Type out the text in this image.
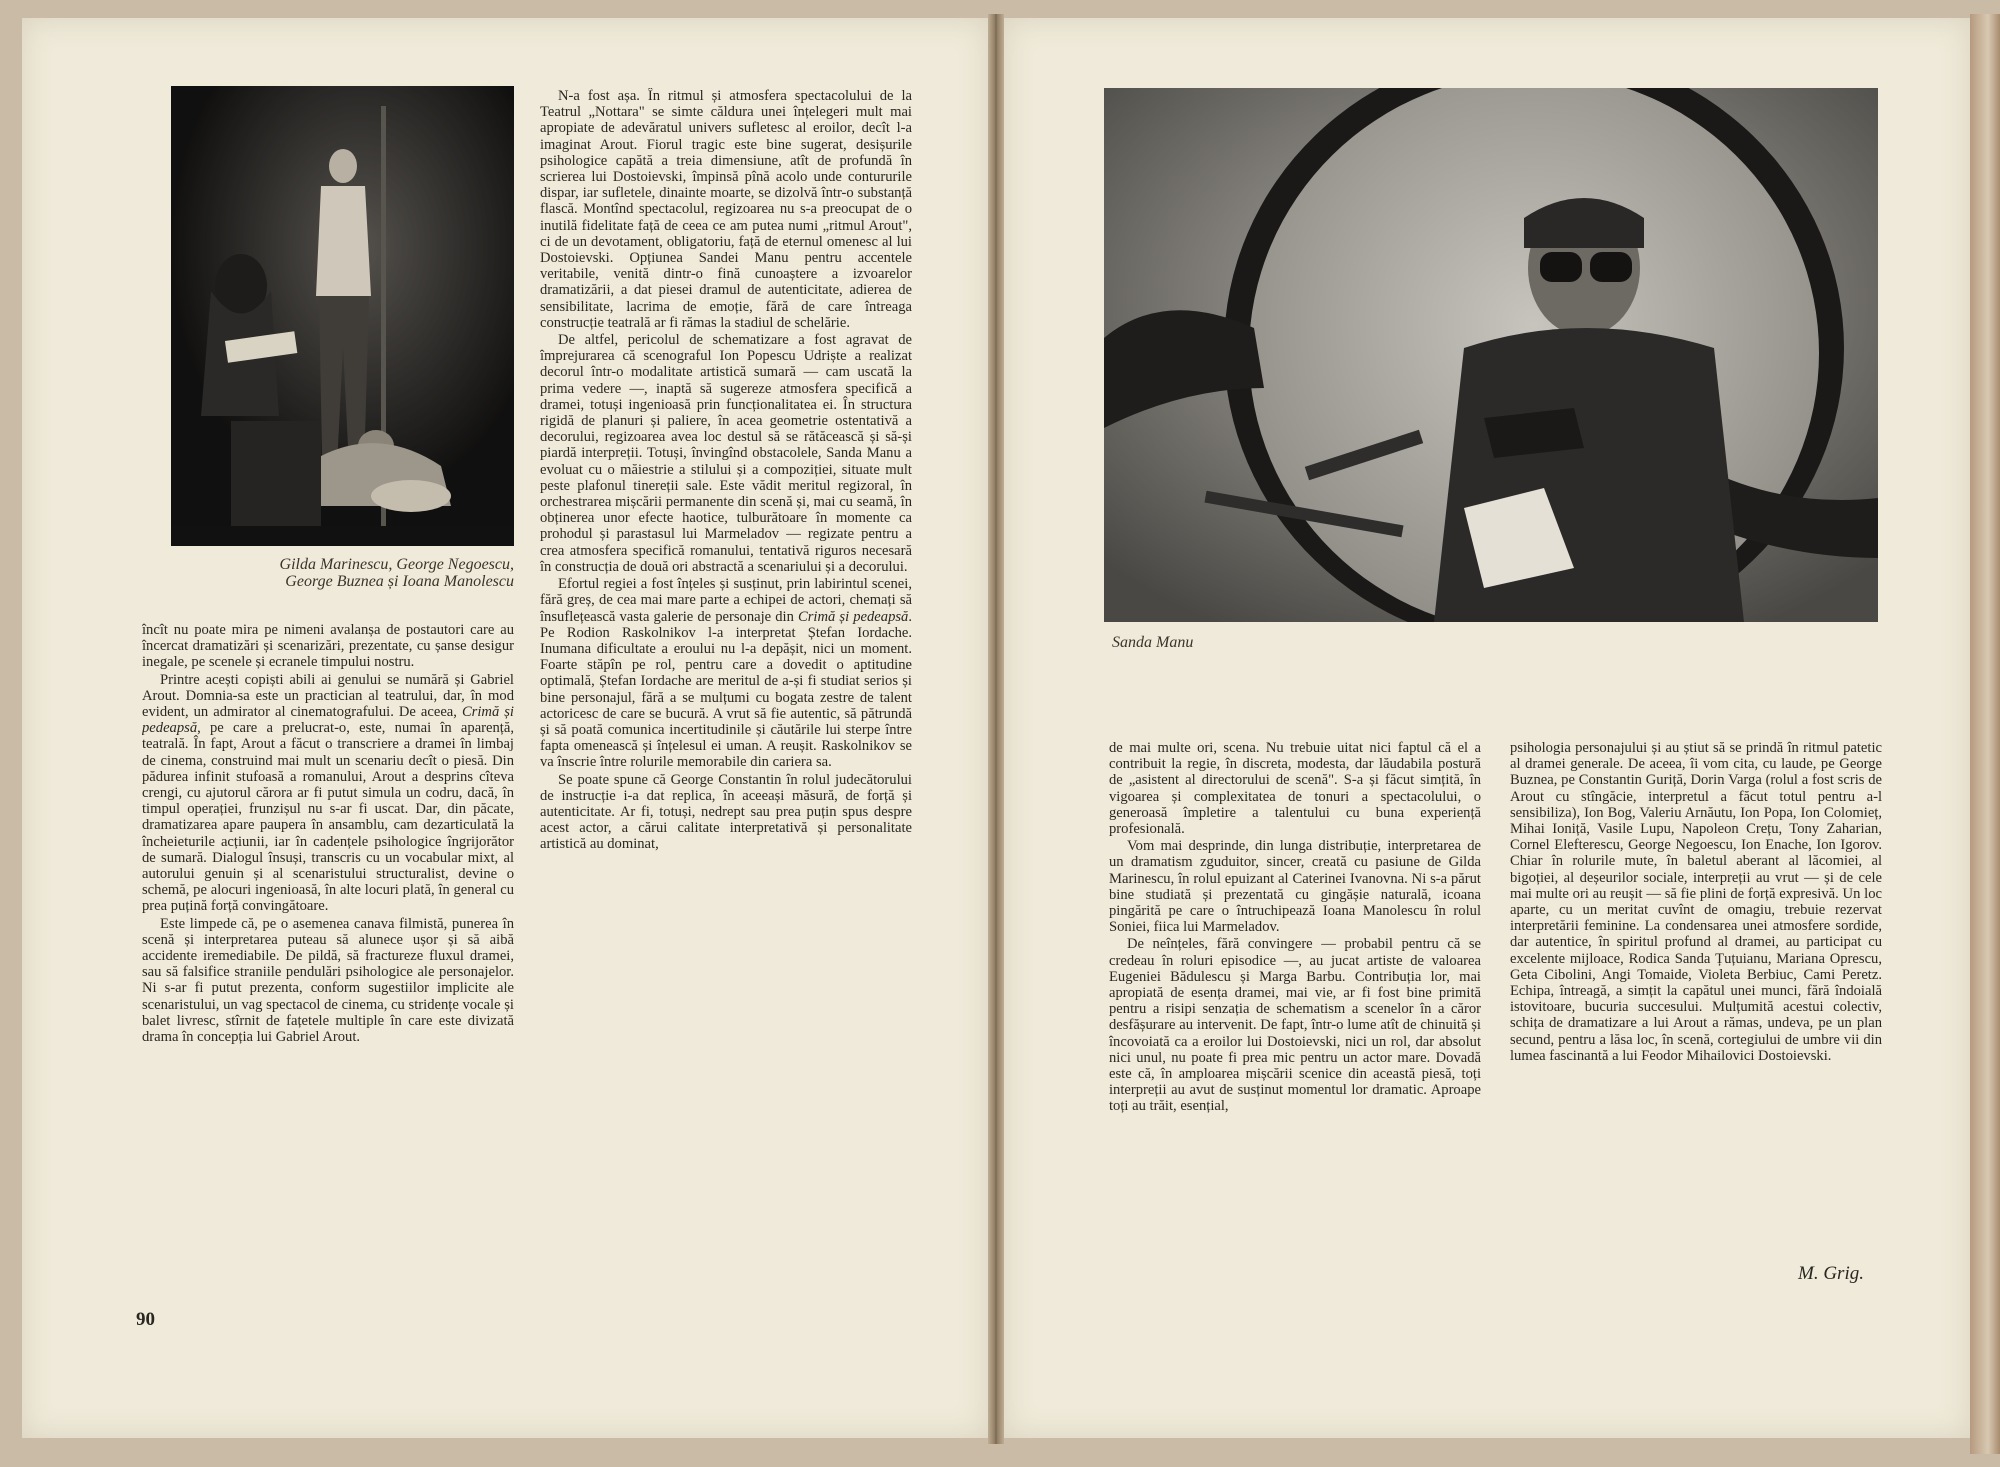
Gilda Marinescu, George Negoescu, George Buznea și Ioana Manolescu

încît nu poate mira pe nimeni avalanșa de postautori care au încercat dramatizări și scenarizări, prezentate, cu șanse desigur inegale, pe scenele și ecranele timpului nostru.

Printre acești copiști abili ai genului se numără și Gabriel Arout. Domnia-sa este un practician al teatrului, dar, în mod evident, un admirator al cinematografului. De aceea, Crimă și pedeapsă, pe care a prelucrat-o, este, numai în aparență, teatrală. În fapt, Arout a făcut o transcriere a dramei în limbaj de cinema, construind mai mult un scenariu decît o piesă. Din pădurea infinit stufoasă a romanului, Arout a desprins cîteva crengi, cu ajutorul cărora ar fi putut simula un codru, dacă, în timpul operației, frunzișul nu s-ar fi uscat. Dar, din păcate, dramatizarea apare paupera în ansamblu, cam dezarticulată la încheieturile acțiunii, iar în cadențele psihologice îngrijorător de sumară. Dialogul însuși, transcris cu un vocabular mixt, al autorului genuin și al scenaristului structuralist, devine o schemă, pe alocuri ingenioasă, în alte locuri plată, în general cu prea puțină forță convingătoare.

Este limpede că, pe o asemenea canava filmistă, punerea în scenă și interpretarea puteau să alunece ușor și să aibă accidente iremediabile. De pildă, să fractureze fluxul dramei, sau să falsifice straniile pendulări psihologice ale personajelor. Ni s-ar fi putut prezenta, conform sugestiilor implicite ale scenaristului, un vag spectacol de cinema, cu stridențe vocale și balet livresc, stîrnit de fațetele multiple în care este divizată drama în concepția lui Gabriel Arout.

N-a fost așa. În ritmul și atmosfera spectacolului de la Teatrul „Nottara" se simte căldura unei înțelegeri mult mai apropiate de adevăratul univers sufletesc al eroilor, decît l-a imaginat Arout. Fiorul tragic este bine sugerat, desișurile psihologice capătă a treia dimensiune, atît de profundă în scrierea lui Dostoievski, împinsă pînă acolo unde contururile dispar, iar sufletele, dinainte moarte, se dizolvă într-o substanță flască. Montînd spectacolul, regizoarea nu s-a preocupat de o inutilă fidelitate față de ceea ce am putea numi „ritmul Arout", ci de un devotament, obligatoriu, față de eternul omenesc al lui Dostoievski. Opțiunea Sandei Manu pentru accentele veritabile, venită dintr-o fină cunoaștere a izvoarelor dramatizării, a dat piesei dramul de autenticitate, adierea de sensibilitate, lacrima de emoție, fără de care întreaga construcție teatrală ar fi rămas la stadiul de schelărie.

De altfel, pericolul de schematizare a fost agravat de împrejurarea că scenograful Ion Popescu Udriște a realizat decorul într-o modalitate artistică sumară — cam uscată la prima vedere —, inaptă să sugereze atmosfera specifică a dramei, totuși ingenioasă prin funcționalitatea ei. În structura rigidă de planuri și paliere, în acea geometrie ostentativă a decorului, regizoarea avea loc destul să se rătăcească și să-și piardă interpreții. Totuși, învingînd obstacolele, Sanda Manu a evoluat cu o măiestrie a stilului și a compoziției, situate mult peste plafonul tinereții sale. Este vădit meritul regizoral, în orchestrarea mișcării permanente din scenă și, mai cu seamă, în obținerea unor efecte haotice, tulburătoare în momente ca prohodul și parastasul lui Marmeladov — regizate pentru a crea atmosfera specifică romanului, tentativă riguros necesară în construcția de două ori abstractă a scenariului și a decorului.

Efortul regiei a fost înțeles și susținut, prin labirintul scenei, fără greș, de cea mai mare parte a echipei de actori, chemați să însuflețească vasta galerie de personaje din Crimă și pedeapsă. Pe Rodion Raskolnikov l-a interpretat Ștefan Iordache. Inumana dificultate a eroului nu l-a depășit, nici un moment. Foarte stăpîn pe rol, pentru care a dovedit o aptitudine optimală, Ștefan Iordache are meritul de a-și fi studiat serios și bine personajul, fără a se mulțumi cu bogata zestre de talent actoricesc de care se bucură. A vrut să fie autentic, să pătrundă și să poată comunica incertitudinile și căutările lui sterpe între fapta omenească și înțelesul ei uman. A reușit. Raskolnikov se va înscrie între rolurile memorabile din cariera sa.

Se poate spune că George Constantin în rolul judecătorului de instrucție i-a dat replica, în aceeași măsură, de forță și autenticitate. Ar fi, totuși, nedrept sau prea puțin spus despre acest actor, a cărui calitate interpretativă și personalitate artistică au dominat,

90
Sanda Manu

de mai multe ori, scena. Nu trebuie uitat nici faptul că el a contribuit la regie, în discreta, modesta, dar lăudabila postură de „asistent al directorului de scenă". S-a și făcut simțită, în vigoarea și complexitatea de tonuri a spectacolului, o generoasă împletire a talentului cu buna experiență profesională.

Vom mai desprinde, din lunga distribuție, interpretarea de un dramatism zguduitor, sincer, creată cu pasiune de Gilda Marinescu, în rolul epuizant al Caterinei Ivanovna. Ni s-a părut bine studiată și prezentată cu gingășie naturală, icoana pingărită pe care o întruchipează Ioana Manolescu în rolul Soniei, fiica lui Marmeladov.

De neînțeles, fără convingere — probabil pentru că se credeau în roluri episodice —, au jucat artiste de valoarea Eugeniei Bădulescu și Marga Barbu. Contribuția lor, mai apropiată de esența dramei, mai vie, ar fi fost bine primită pentru a risipi senzația de schematism a scenelor în a căror desfășurare au intervenit. De fapt, într-o lume atît de chinuită și încovoiată ca a eroilor lui Dostoievski, nici un rol, dar absolut nici unul, nu poate fi prea mic pentru un actor mare. Dovadă este că, în amploarea mișcării scenice din această piesă, toți interpreții au avut de susținut momentul lor dramatic. Aproape toți au trăit, esențial,

psihologia personajului și au știut să se prindă în ritmul patetic al dramei generale. De aceea, îi vom cita, cu laude, pe George Buznea, pe Constantin Guriță, Dorin Varga (rolul a fost scris de Arout cu stîngăcie, interpretul a făcut totul pentru a-l sensibiliza), Ion Bog, Valeriu Arnăutu, Ion Popa, Ion Colomieț, Mihai Ioniță, Vasile Lupu, Napoleon Crețu, Tony Zaharian, Cornel Elefterescu, George Negoescu, Ion Enache, Ion Igorov. Chiar în rolurile mute, în baletul aberant al lăcomiei, al bigoției, al deșeurilor sociale, interpreții au vrut — și de cele mai multe ori au reușit — să fie plini de forță expresivă. Un loc aparte, cu un meritat cuvînt de omagiu, trebuie rezervat interpretării feminine. La condensarea unei atmosfere sordide, dar autentice, în spiritul profund al dramei, au participat cu excelente mijloace, Rodica Sanda Țuțuianu, Mariana Oprescu, Geta Cibolini, Angi Tomaide, Violeta Berbiuc, Cami Peretz. Echipa, întreagă, a simțit la capătul unei munci, fără îndoială istovitoare, bucuria succesului. Mulțumită acestui colectiv, schița de dramatizare a lui Arout a rămas, undeva, pe un plan secund, pentru a lăsa loc, în scenă, cortegiului de umbre vii din lumea fascinantă a lui Feodor Mihailovici Dostoievski.

M. Grig.
